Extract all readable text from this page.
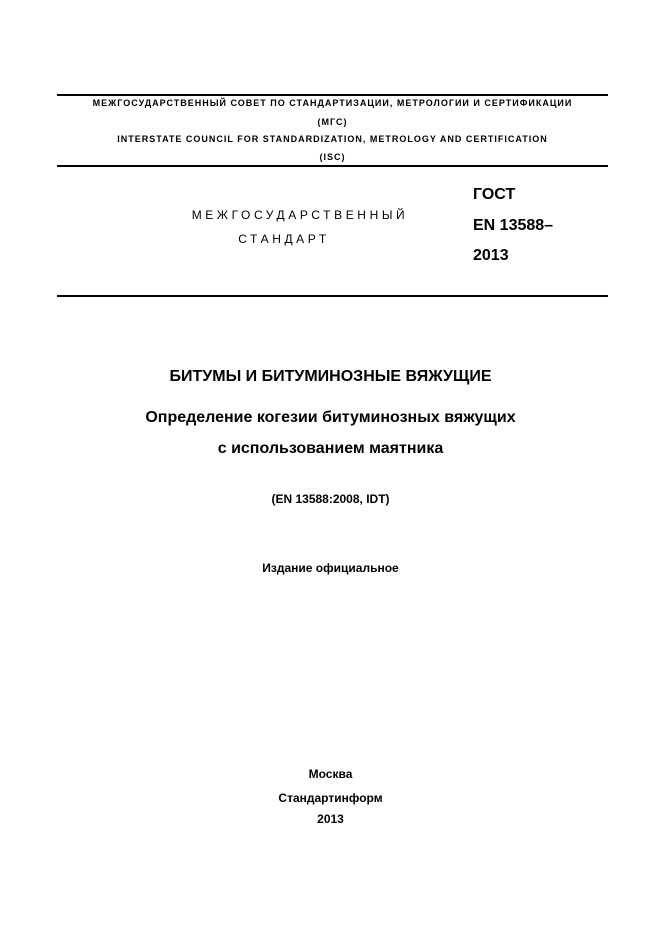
МЕЖГОСУДАРСТВЕННЫЙ СОВЕТ ПО СТАНДАРТИЗАЦИИ, МЕТРОЛОГИИ И СЕРТИФИКАЦИИ
(МГС)
INTERSTATE COUNCIL FOR STANDARDIZATION, METROLOGY AND CERTIFICATION
(ISC)
МЕЖГОСУДАРСТВЕННЫЙ
СТАНДАРТ
ГОСТ
EN 13588–
2013
БИТУМЫ И БИТУМИНОЗНЫЕ ВЯЖУЩИЕ
Определение когезии битуминозных вяжущих
с использованием маятника
(EN 13588:2008, IDT)
Издание официальное
Москва
Стандартинформ
2013
